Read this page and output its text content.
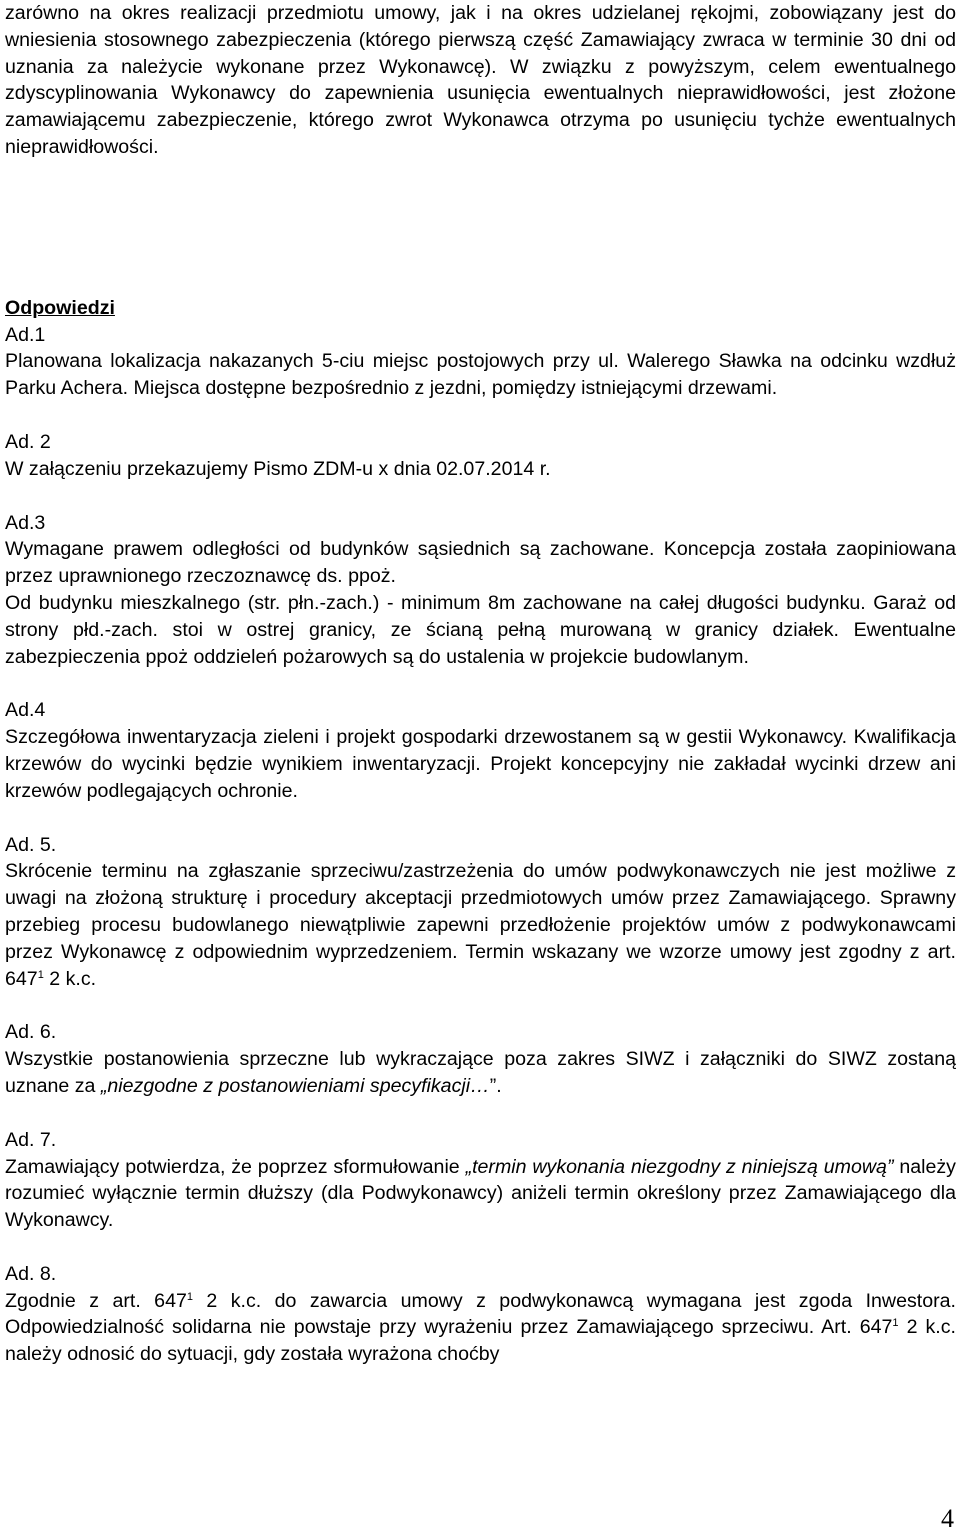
zarówno na okres realizacji przedmiotu umowy, jak i na okres udzielanej rękojmi, zobowiązany jest do wniesienia stosownego zabezpieczenia (którego pierwszą część Zamawiający zwraca w terminie 30 dni od uznania za należycie wykonane przez Wykonawcę). W związku z powyższym, celem ewentualnego zdyscyplinowania Wykonawcy do zapewnienia usunięcia ewentualnych nieprawidłowości, jest złożone zamawiającemu zabezpieczenie, którego zwrot Wykonawca otrzyma po usunięciu tychże ewentualnych nieprawidłowości.

Odpowiedzi

Ad.1

Planowana lokalizacja nakazanych 5-ciu miejsc postojowych przy ul. Walerego Sławka na odcinku wzdłuż Parku Achera. Miejsca dostępne bezpośrednio z jezdni, pomiędzy istniejącymi drzewami.

Ad. 2

W załączeniu przekazujemy Pismo ZDM-u x dnia 02.07.2014 r.

Ad.3

Wymagane prawem odległości od budynków sąsiednich są zachowane. Koncepcja została zaopiniowana przez uprawnionego rzeczoznawcę ds. ppoż.

Od budynku mieszkalnego (str. płn.-zach.) - minimum 8m zachowane na całej długości budynku. Garaż od strony płd.-zach. stoi w ostrej granicy, ze ścianą pełną murowaną w granicy działek. Ewentualne zabezpieczenia ppoż oddzieleń pożarowych są do ustalenia w projekcie budowlanym.

Ad.4

Szczegółowa inwentaryzacja zieleni i projekt gospodarki drzewostanem są w gestii Wykonawcy. Kwalifikacja krzewów do wycinki będzie wynikiem inwentaryzacji. Projekt koncepcyjny nie zakładał wycinki drzew ani krzewów podlegających ochronie.

Ad. 5.

Skrócenie terminu na zgłaszanie sprzeciwu/zastrzeżenia do umów podwykonawczych nie jest możliwe z uwagi na złożoną strukturę i procedury akceptacji przedmiotowych umów przez Zamawiającego. Sprawny przebieg procesu budowlanego niewątpliwie zapewni przedłożenie projektów umów z podwykonawcami przez Wykonawcę z odpowiednim wyprzedzeniem. Termin wskazany we wzorze umowy jest zgodny z art. $647^1$ 2 k.c.

Ad. 6.

Wszystkie postanowienia sprzeczne lub wykraczające poza zakres SIWZ i załączniki do SIWZ zostaną uznane za „niezgodne z postanowieniami specyfikacji…”.

Ad. 7.

Zamawiający potwierdza, że poprzez sformułowanie „termin wykonania niezgodny z niniejszą umową” należy rozumieć wyłącznie termin dłuższy (dla Podwykonawcy) aniżeli termin określony przez Zamawiającego dla Wykonawcy.

Ad. 8.

Zgodnie z art. $647^1$ 2 k.c. do zawarcia umowy z podwykonawcą wymagana jest zgoda Inwestora. Odpowiedzialność solidarna nie powstaje przy wyrażeniu przez Zamawiającego sprzeciwu. Art. $647^1$ 2 k.c. należy odnosić do sytuacji, gdy została wyrażona choćby

4
